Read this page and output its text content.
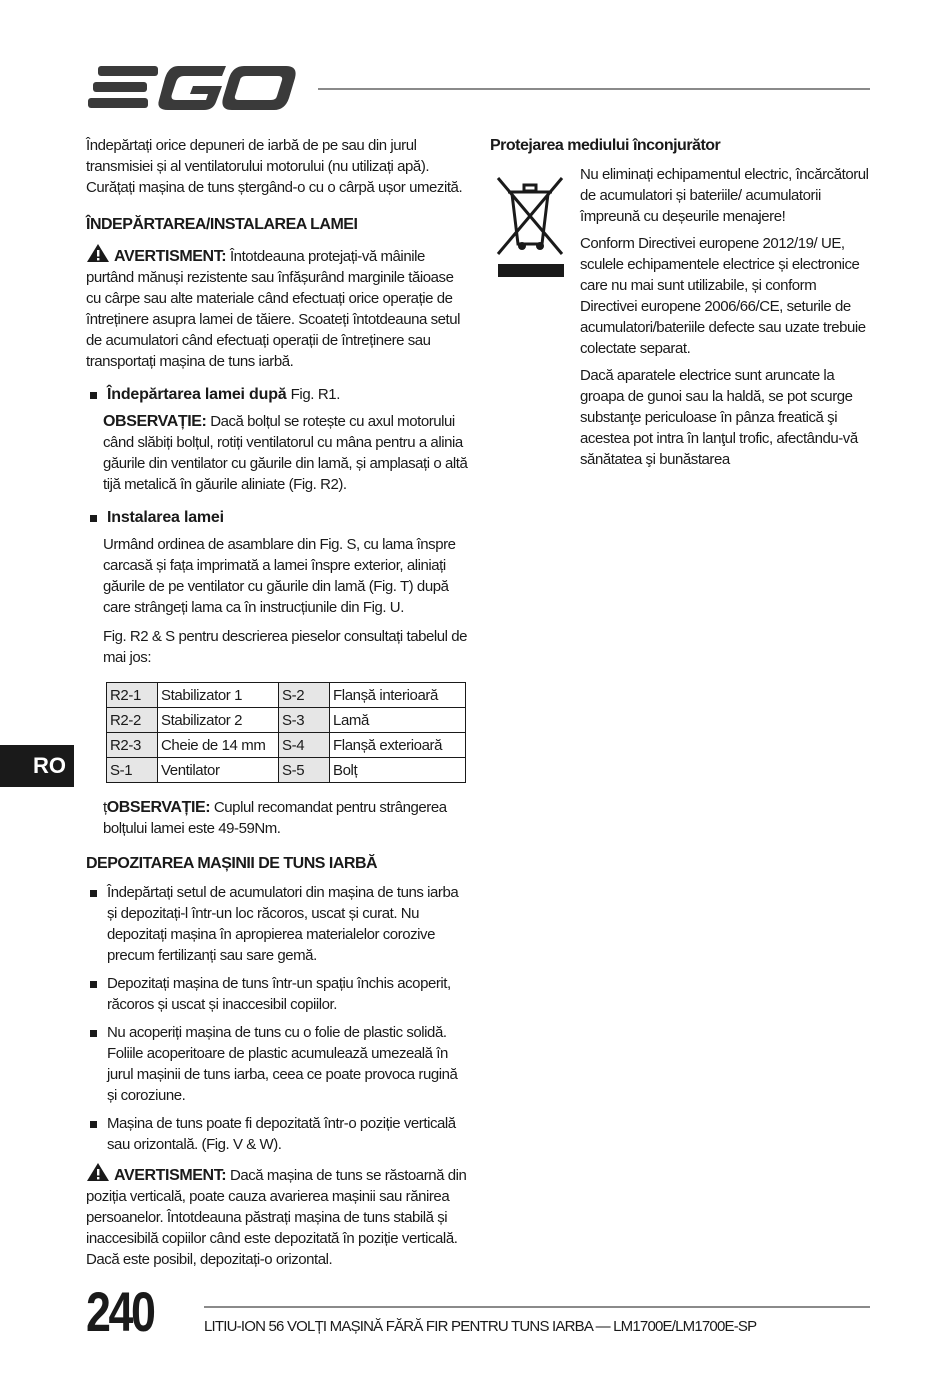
Îndepărtați orice depuneri de iarbă de pe sau din jurul transmisiei și al ventilatorului motorului (nu utilizați apă). Curățați mașina de tuns ștergând-o cu o cârpă ușor umezită.

ÎNDEPĂRTAREA/INSTALAREA LAMEI

AVERTISMENT: Întotdeauna protejați-vă mâinile purtând mănuși rezistente sau înfășurând marginile tăioase cu cârpe sau alte materiale când efectuați orice operație de întreținere asupra lamei de tăiere. Scoateți întotdeauna setul de acumulatori când efectuați operații de întreținere sau transportați mașina de tuns iarbă.

Îndepărtarea lamei după Fig. R1.

OBSERVAȚIE: Dacă bolțul se rotește cu axul motorului când slăbiți bolțul, rotiți ventilatorul cu mâna pentru a alinia găurile din ventilator cu găurile din lamă, și amplasați o altă tijă metalică în găurile aliniate (Fig. R2).

Instalarea lamei

Urmând ordinea de asamblare din Fig. S, cu lama înspre carcasă și fața imprimată a lamei înspre exterior, aliniați găurile de pe ventilator cu găurile din lamă (Fig. T) după care strângeți lama ca în instrucțiunile din Fig. U.

Fig. R2 & S pentru descrierea pieselor consultați tabelul de mai jos:

R2-1	Stabilizator 1	S-2	Flanșă interioară
R2-2	Stabilizator 2	S-3	Lamă
R2-3	Cheie de 14 mm	S-4	Flanșă exterioară
S-1	Ventilator	S-5	Bolț

țOBSERVAȚIE: Cuplul recomandat pentru strângerea bolțului lamei este 49-59Nm.

DEPOZITAREA MAȘINII DE TUNS IARBĂ
Îndepărtați setul de acumulatori din mașina de tuns iarba și depozitați-l într-un loc răcoros, uscat și curat. Nu depozitați mașina în apropierea materialelor corozive precum fertilizanți sau sare gemă.
Depozitați mașina de tuns într-un spațiu închis acoperit, răcoros și uscat și inaccesibil copiilor.
Nu acoperiți mașina de tuns cu o folie de plastic solidă. Foliile acoperitoare de plastic acumulează umezeală în jurul mașinii de tuns iarba, ceea ce poate provoca rugină și coroziune.
Mașina de tuns poate fi depozitată într-o poziție verticală sau orizontală. (Fig. V & W).

AVERTISMENT: Dacă mașina de tuns se răstoarnă din poziția verticală, poate cauza avarierea mașinii sau rănirea persoanelor. Întotdeauna păstrați mașina de tuns stabilă și inaccesibilă copiilor când este depozitată în poziție verticală. Dacă este posibil, depozitați-o orizontal.

Protejarea mediului înconjurător

Nu eliminați echipamentul electric, încărcătorul de acumulatori și bateriile/ acumulatorii împreună cu deșeurile menajere!

Conform Directivei europene 2012/19/ UE, sculele echipamentele electrice și electronice care nu mai sunt utilizabile, și conform Directivei europene 2006/66/CE, seturile de acumulatori/bateriile defecte sau uzate trebuie colectate separat.

Dacă aparatele electrice sunt aruncate la groapa de gunoi sau la haldă, se pot scurge substanţe periculoase în pânza freatică şi acestea pot intra în lanţul trofic, afectându-vă sănătatea şi bunăstarea

RO
240	LITIU-ION 56 VOLȚI MAȘINĂ FĂRĂ FIR PENTRU TUNS IARBA — LM1700E/LM1700E-SP
